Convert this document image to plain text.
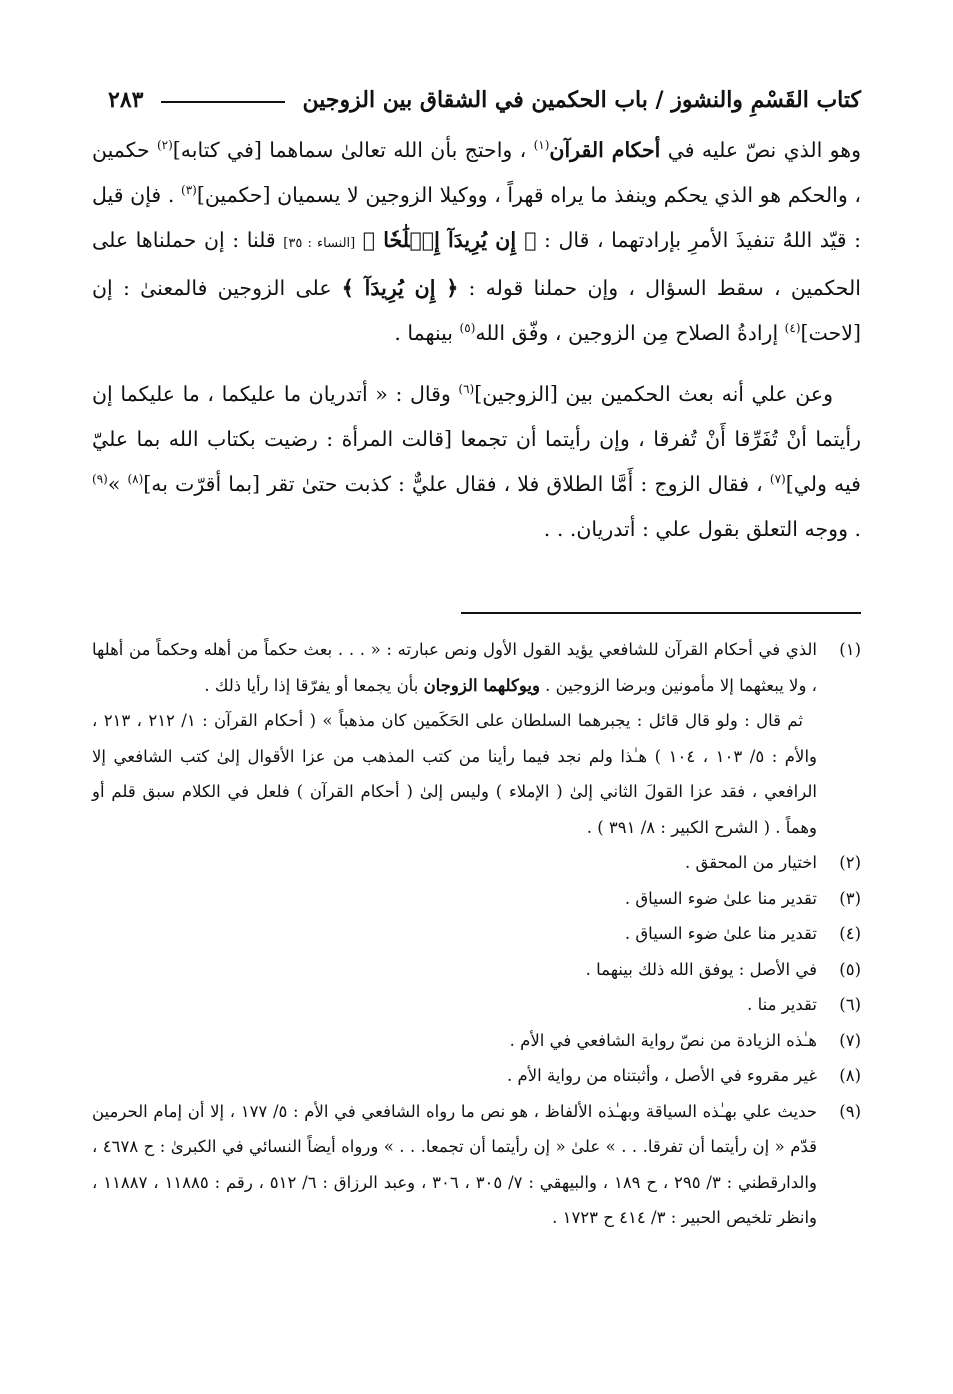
كتاب القَسْمِ والنشوز / باب الحكمين في الشقاق بين الزوجين
٢٨٣

وهو الذي نصّ عليه في أحكام القرآن$^{(١)}$ ، واحتج بأن الله تعالىٰ سماهما [في كتابه]$^{(٢)}$ حكمين ، والحكم هو الذي يحكم وينفذ ما يراه قهراً ، ووكيلا الزوجين لا يسميان [حكمين]$^{(٣)}$ . فإن قيل : قيّد اللهُ تنفيذَ الأمرِ بإرادتهما ، قال : ﴿ إِن يُرِيدَآ إِصۡلَٰحٗا ﴾ [النساء : ٣٥] قلنا : إن حملناها على الحكمين ، سقط السؤال ، وإن حملنا قوله : ﴿ إِن يُرِيدَآ ﴾ على الزوجين فالمعنىٰ : إن [لاحت]$^{(٤)}$ إرادةُ الصلاح مِن الزوجين ، وفّق الله$^{(٥)}$ بينهما .

وعن علي أنه بعث الحكمين بين [الزوجين]$^{(٦)}$ وقال : « أتدريان ما عليكما ، ما عليكما إن رأيتما أنْ تُفَرِّقا أَنْ تُفرقا ، وإن رأيتما أن تجمعا [قالت المرأة : رضيت بكتاب الله بما عليّ فيه ولي]$^{(٧)}$ ، فقال الزوج : أَمَّا الطلاق فلا ، فقال عليٌّ : كذبت حتىٰ تقر [بما أقرّت به]$^{(٨)}$ »$^{(٩)}$ . ووجه التعلق بقول علي : أتدريان. . .

(١)

الذي في أحكام القرآن للشافعي يؤيد القول الأول ونص عبارته : « . . . بعث حكماً من أهله وحكماً من أهلها ، ولا يبعثهما إلا مأمونين وبرضا الزوجين . ويوكلهما الزوجان بأن يجمعا أو يفرّقا إذا رأيا ذلك .

ثم قال : ولو قال قائل : يجبرهما السلطان على الحَكَمين كان مذهباً » ( أحكام القرآن : ١/ ٢١٢ ، ٢١٣ ، والأم : ٥/ ١٠٣ ، ١٠٤ ) هـٰذا ولم نجد فيما رأينا من كتب المذهب من عزا الأقوال إلىٰ كتب الشافعي إلا الرافعي ، فقد عزا القولَ الثاني إلىٰ ( الإملاء ) وليس إلىٰ ( أحكام القرآن ) فلعل في الكلام سبق قلم أو وهماً . ( الشرح الكبير : ٨/ ٣٩١ ) .

(٢)
اختيار من المحقق .
(٣)
تقدير منا علىٰ ضوء السياق .
(٤)
تقدير منا علىٰ ضوء السياق .
(٥)
في الأصل : يوفق الله ذلك بينهما .
(٦)
تقدير منا .
(٧)
هـٰذه الزيادة من نصّ رواية الشافعي في الأم .
(٨)
غير مقروء في الأصل ، وأثبتناه من رواية الأم .
(٩)
حديث علي بهـٰذه السياقة وبهـٰذه الألفاظ ، هو نص ما رواه الشافعي في الأم : ٥/ ١٧٧ ، إلا أن إمام الحرمين قدّم « إن رأيتما أن تفرقا. . . » علىٰ « إن رأيتما أن تجمعا. . . » ورواه أيضاً النسائي في الكبرىٰ : ح ٤٦٧٨ ، والدارقطني : ٣/ ٢٩٥ ، ح ١٨٩ ، والبيهقي : ٧/ ٣٠٥ ، ٣٠٦ ، وعبد الرزاق : ٦/ ٥١٢ ، رقم : ١١٨٨٥ ، ١١٨٨٧ ، وانظر تلخيص الحبير : ٣/ ٤١٤ ح ١٧٢٣ .
